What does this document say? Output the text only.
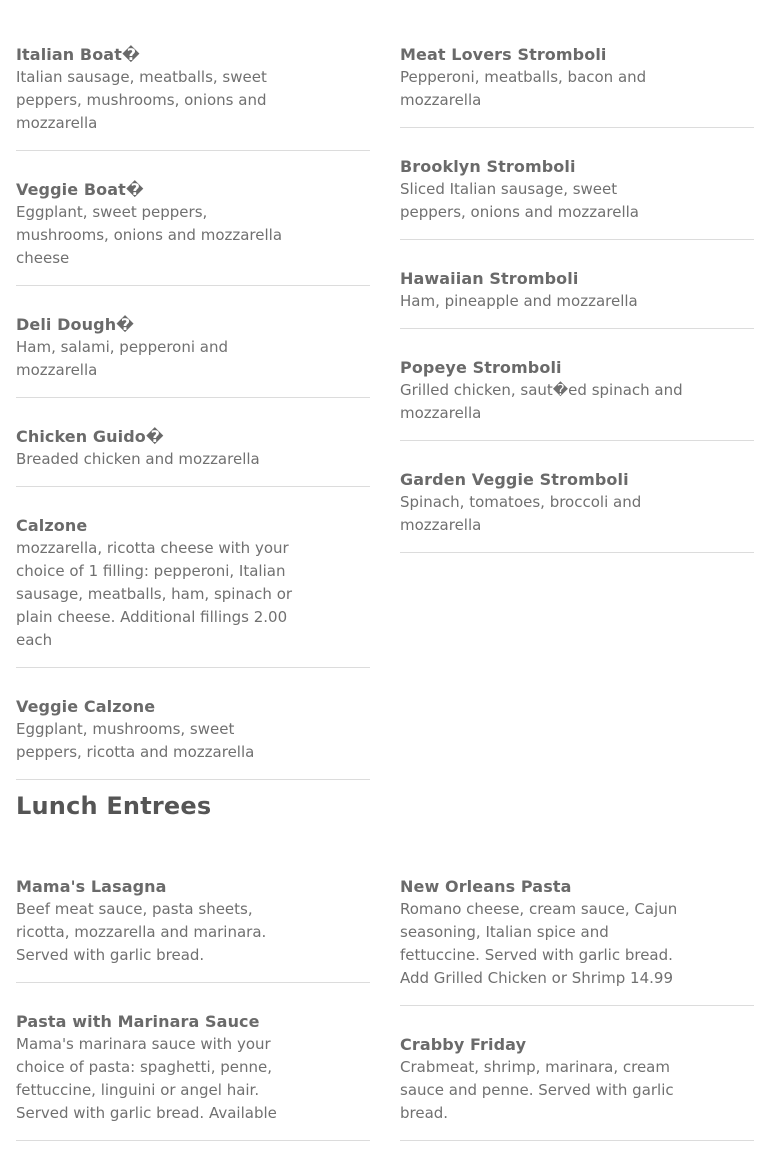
Italian Boat�
Italian sausage, meatballs, sweet peppers, mushrooms, onions and mozzarella
Veggie Boat�
Eggplant, sweet peppers, mushrooms, onions and mozzarella cheese
Deli Dough�
Ham, salami, pepperoni and mozzarella
Chicken Guido�
Breaded chicken and mozzarella
Calzone
mozzarella, ricotta cheese with your choice of 1 filling: pepperoni, Italian sausage, meatballs, ham, spinach or plain cheese. Additional fillings 2.00 each
Veggie Calzone
Eggplant, mushrooms, sweet peppers, ricotta and mozzarella
Meat Lovers Stromboli
Pepperoni, meatballs, bacon and mozzarella
Brooklyn Stromboli
Sliced Italian sausage, sweet peppers, onions and mozzarella
Hawaiian Stromboli
Ham, pineapple and mozzarella
Popeye Stromboli
Grilled chicken, saut�ed spinach and mozzarella
Garden Veggie Stromboli
Spinach, tomatoes, broccoli and mozzarella
Lunch Entrees
Mama's Lasagna
Beef meat sauce, pasta sheets, ricotta, mozzarella and marinara. Served with garlic bread.
Pasta with Marinara Sauce
Mama's marinara sauce with your choice of pasta: spaghetti, penne, fettuccine, linguini or angel hair. Served with garlic bread. Available
New Orleans Pasta
Romano cheese, cream sauce, Cajun seasoning, Italian spice and fettuccine. Served with garlic bread. Add Grilled Chicken or Shrimp 14.99
Crabby Friday
Crabmeat, shrimp, marinara, cream sauce and penne. Served with garlic bread.
